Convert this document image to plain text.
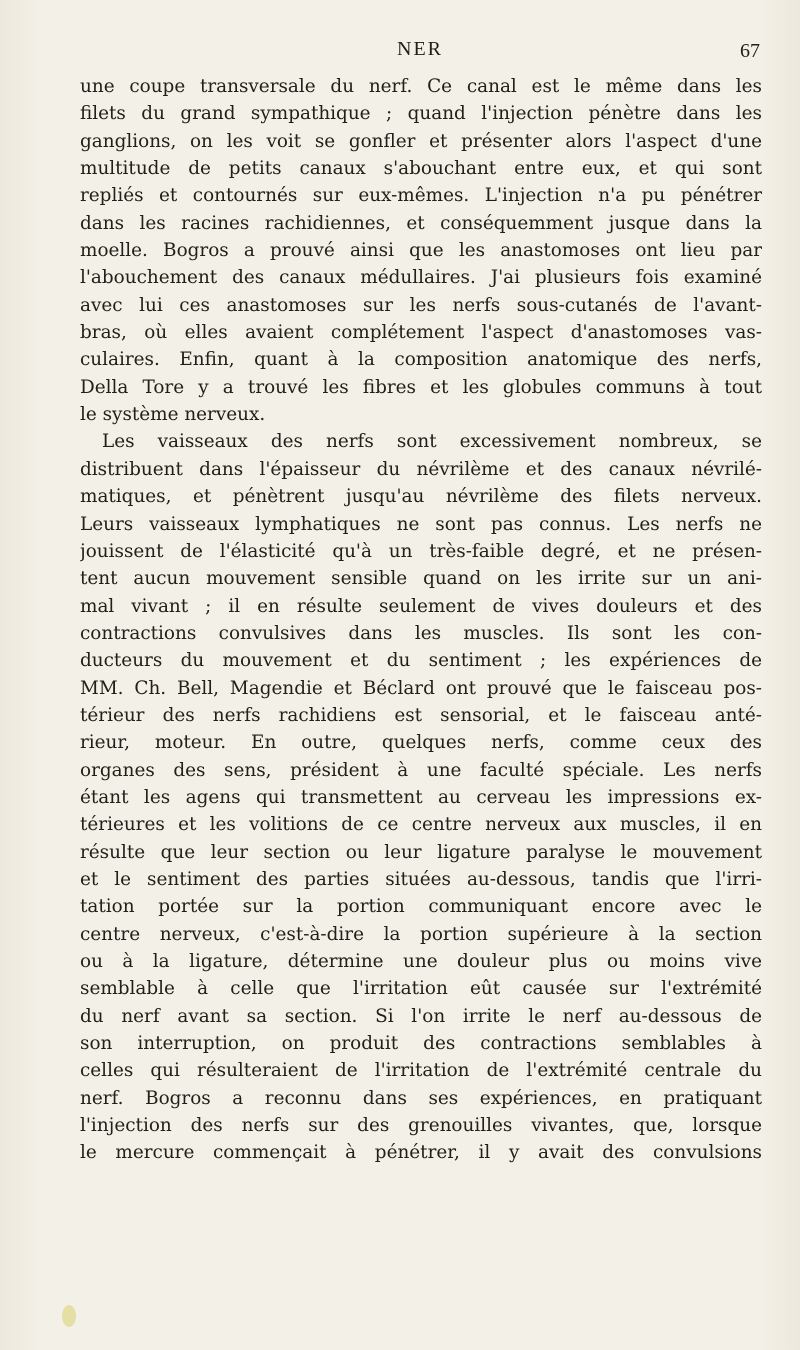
NER	67
une coupe transversale du nerf. Ce canal est le même dans les
filets du grand sympathique ; quand l'injection pénètre dans les
ganglions, on les voit se gonfler et présenter alors l'aspect d'une
multitude de petits canaux s'abouchant entre eux, et qui sont
repliés et contournés sur eux-mêmes. L'injection n'a pu pénétrer
dans les racines rachidiennes, et conséquemment jusque dans la
moelle. Bogros a prouvé ainsi que les anastomoses ont lieu par
l'abouchement des canaux médullaires. J'ai plusieurs fois examiné
avec lui ces anastomoses sur les nerfs sous-cutanés de l'avant-
bras, où elles avaient complétement l'aspect d'anastomoses vas-
culaires. Enfin, quant à la composition anatomique des nerfs,
Della Tore y a trouvé les fibres et les globules communs à tout
le système nerveux.
Les vaisseaux des nerfs sont excessivement nombreux, se
distribuent dans l'épaisseur du névrilème et des canaux névrilé-
matiques, et pénètrent jusqu'au névrilème des filets nerveux.
Leurs vaisseaux lymphatiques ne sont pas connus. Les nerfs ne
jouissent de l'élasticité qu'à un très-faible degré, et ne présen-
tent aucun mouvement sensible quand on les irrite sur un ani-
mal vivant ; il en résulte seulement de vives douleurs et des
contractions convulsives dans les muscles. Ils sont les con-
ducteurs du mouvement et du sentiment ; les expériences de
MM. Ch. Bell, Magendie et Béclard ont prouvé que le faisceau pos-
térieur des nerfs rachidiens est sensorial, et le faisceau anté-
rieur, moteur. En outre, quelques nerfs, comme ceux des
organes des sens, président à une faculté spéciale. Les nerfs
étant les agens qui transmettent au cerveau les impressions ex-
térieures et les volitions de ce centre nerveux aux muscles, il en
résulte que leur section ou leur ligature paralyse le mouvement
et le sentiment des parties situées au-dessous, tandis que l'irri-
tation portée sur la portion communiquant encore avec le
centre nerveux, c'est-à-dire la portion supérieure à la section
ou à la ligature, détermine une douleur plus ou moins vive
semblable à celle que l'irritation eût causée sur l'extrémité
du nerf avant sa section. Si l'on irrite le nerf au-dessous de
son interruption, on produit des contractions semblables à
celles qui résulteraient de l'irritation de l'extrémité centrale du
nerf. Bogros a reconnu dans ses expériences, en pratiquant
l'injection des nerfs sur des grenouilles vivantes, que, lorsque
le mercure commençait à pénétrer, il y avait des convulsions
